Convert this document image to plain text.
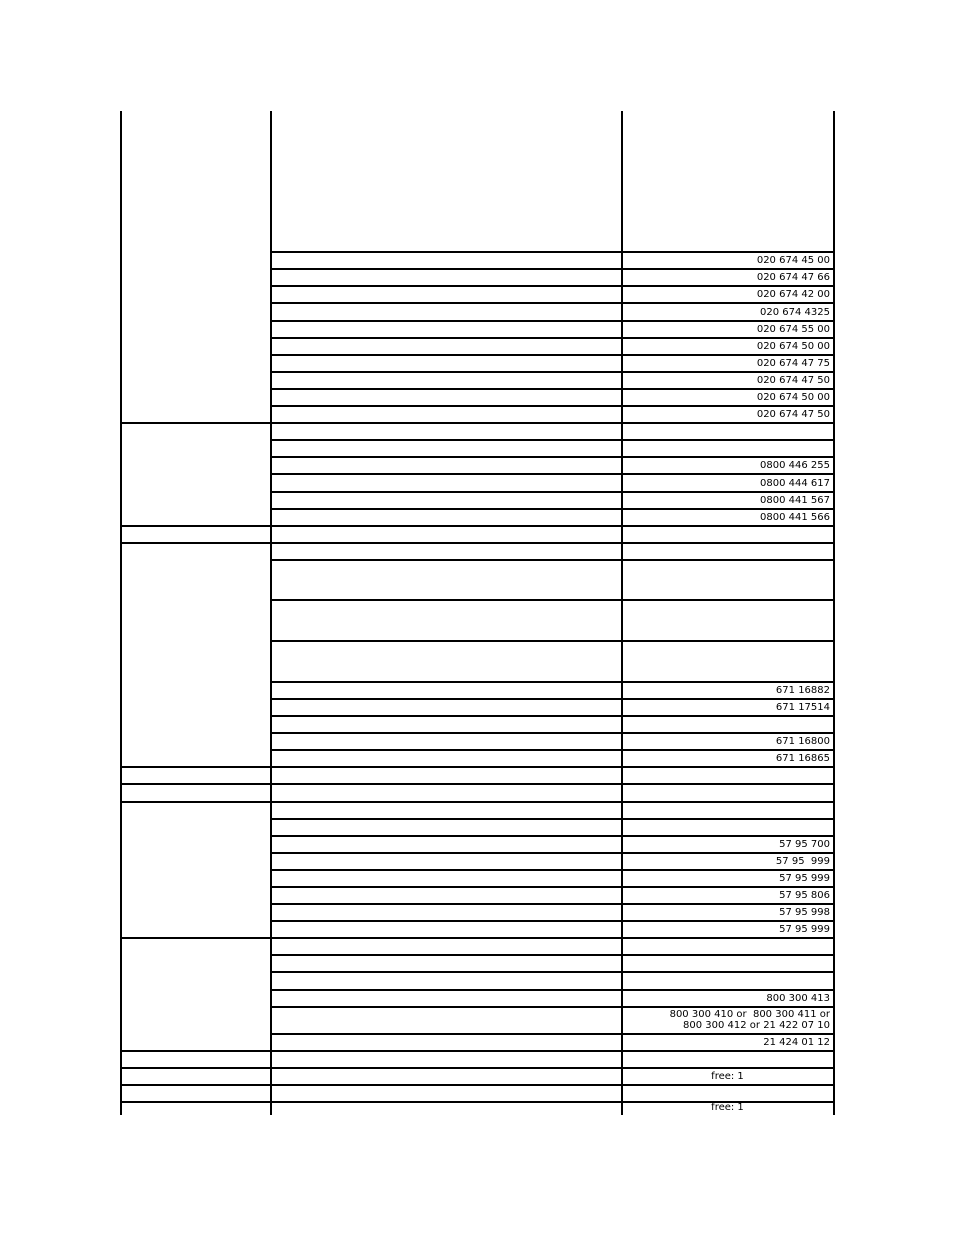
020 674 45 00
020 674 47 66
020 674 42 00
020 674 4325
020 674 55 00
020 674 50 00
020 674 47 75
020 674 47 50
020 674 50 00
020 674 47 50
0800 446 255
0800 444 617
0800 441 567
0800 441 566
671 16882
671 17514
671 16800
671 16865
57 95 700
57 95  999
57 95 999
57 95 806
57 95 998
57 95 999
800 300 413
800 300 410 or  800 300 411 or
800 300 412 or 21 422 07 10
21 424 01 12
free: 1
free: 1
